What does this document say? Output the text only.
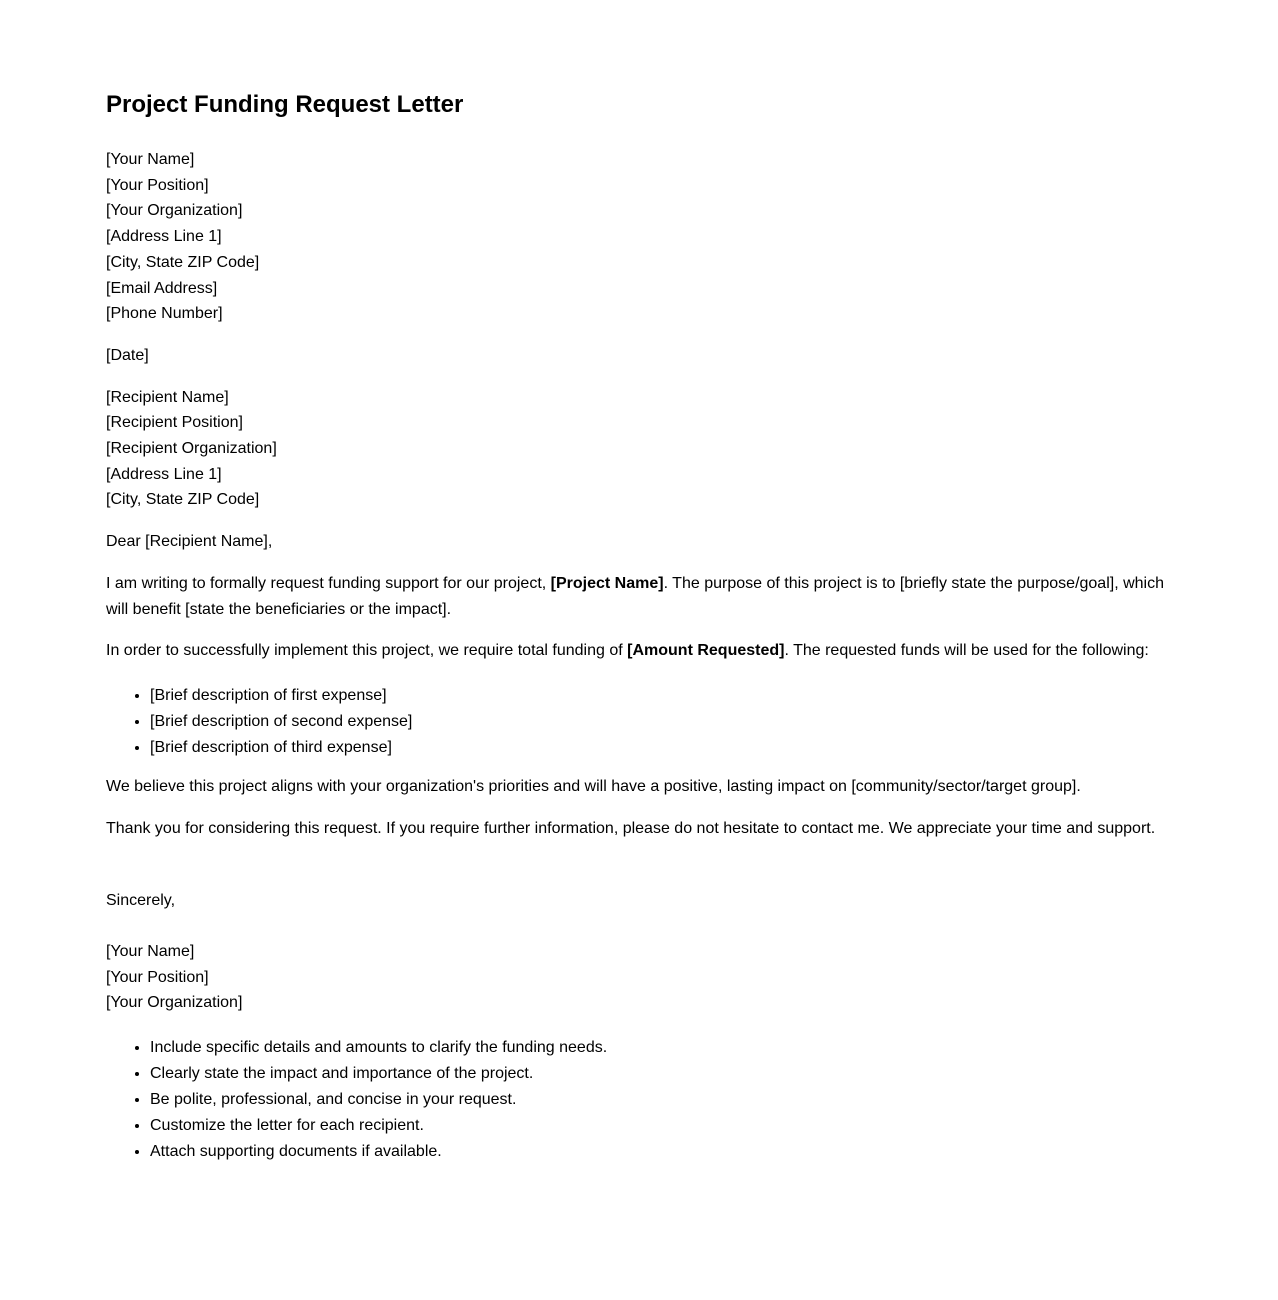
Project Funding Request Letter
[Your Name]
[Your Position]
[Your Organization]
[Address Line 1]
[City, State ZIP Code]
[Email Address]
[Phone Number]
[Date]
[Recipient Name]
[Recipient Position]
[Recipient Organization]
[Address Line 1]
[City, State ZIP Code]
Dear [Recipient Name],

I am writing to formally request funding support for our project, [Project Name]. The purpose of this project is to [briefly state the purpose/goal], which will benefit [state the beneficiaries or the impact].

In order to successfully implement this project, we require total funding of [Amount Requested]. The requested funds will be used for the following:

• [Brief description of first expense]
• [Brief description of second expense]
• [Brief description of third expense]

We believe this project aligns with your organization's priorities and will have a positive, lasting impact on [community/sector/target group].

Thank you for considering this request. If you require further information, please do not hesitate to contact me. We appreciate your time and support.

Sincerely,
[Your Name]
[Your Position]
[Your Organization]
• Include specific details and amounts to clarify the funding needs.
• Clearly state the impact and importance of the project.
• Be polite, professional, and concise in your request.
• Customize the letter for each recipient.
• Attach supporting documents if available.
